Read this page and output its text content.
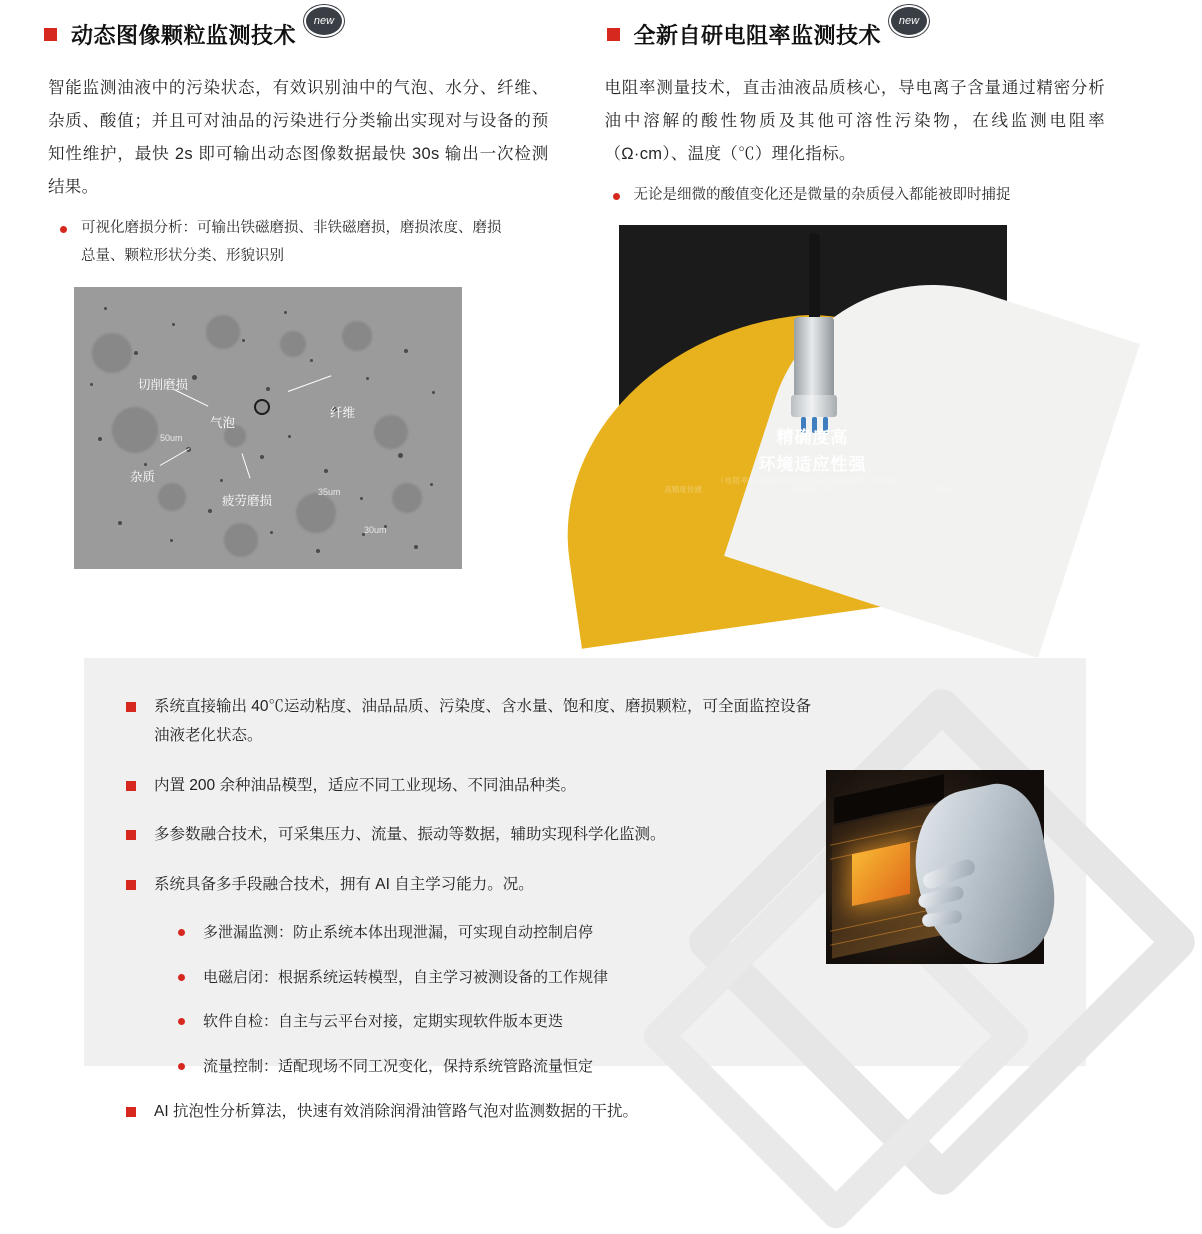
动态图像颗粒监测技术
new

智能监测油液中的污染状态，有效识别油中的气泡、水分、纤维、杂质、酸值；并且可对油品的污染进行分类输出实现对与设备的预知性维护，最快 2s 即可输出动态图像数据最快 30s 输出一次检测结果。

可视化磨损分析：可输出铁磁磨损、非铁磁磨损，磨损浓度、磨损总量、颗粒形状分类、形貌识别
切削磨损
纤维
气泡
杂质
疲劳磨损
50um
35um
30um
全新自研电阻率监测技术
new

电阻率测量技术，直击油液品质核心，导电离子含量通过精密分析油中溶解的酸性物质及其他可溶性污染物，在线监测电阻率（Ω·cm）、温度（℃）理化指标。

无论是细微的酸值变化还是微量的杂质侵入都能被即时捕捉
精确度高
环境适应性强
（电阻率在线监测中的油液品质实时监测与状态评估）
高精度传感	宽温域工作	抗干扰设计
系统直接输出 40℃运动粘度、油品品质、污染度、含水量、饱和度、磨损颗粒，可全面监控设备油液老化状态。
内置 200 余种油品模型，适应不同工业现场、不同油品种类。
多参数融合技术，可采集压力、流量、振动等数据，辅助实现科学化监测。
系统具备多手段融合技术，拥有 AI 自主学习能力。况。
多泄漏监测：防止系统本体出现泄漏，可实现自动控制启停
电磁启闭：根据系统运转模型，自主学习被测设备的工作规律
软件自检：自主与云平台对接，定期实现软件版本更迭
流量控制：适配现场不同工况变化，保持系统管路流量恒定
AI 抗泡性分析算法，快速有效消除润滑油管路气泡对监测数据的干扰。
